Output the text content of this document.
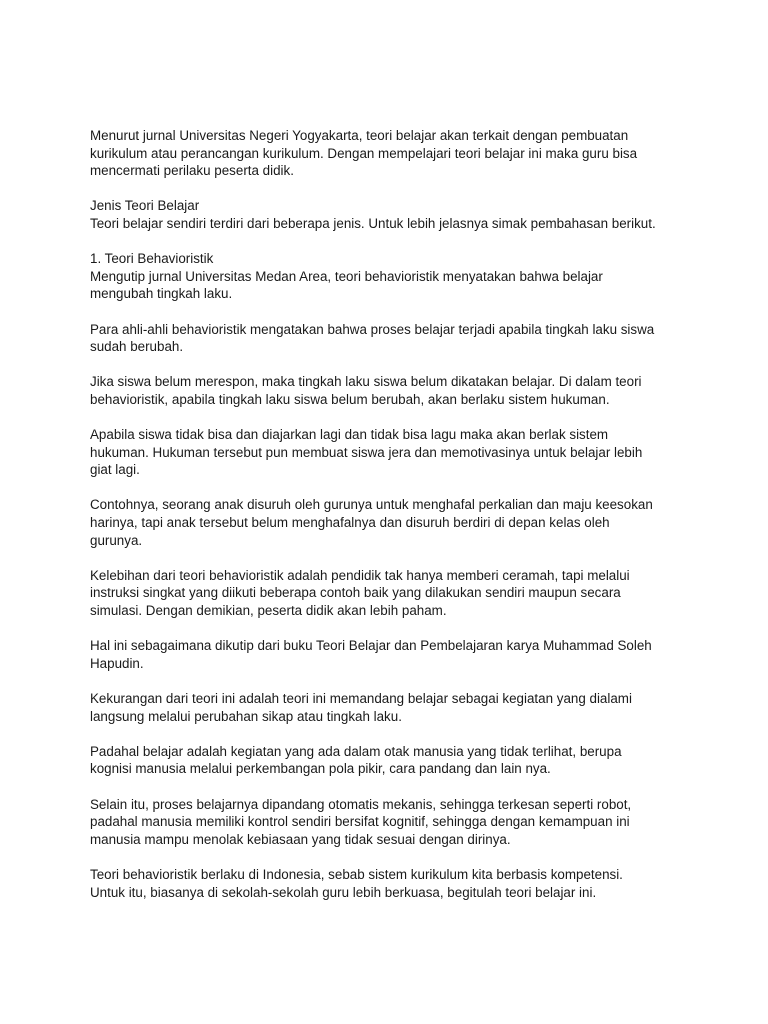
Menurut jurnal Universitas Negeri Yogyakarta, teori belajar akan terkait dengan pembuatan
kurikulum atau perancangan kurikulum. Dengan mempelajari teori belajar ini maka guru bisa
mencermati perilaku peserta didik.

Jenis Teori Belajar
Teori belajar sendiri terdiri dari beberapa jenis. Untuk lebih jelasnya simak pembahasan berikut.

1. Teori Behavioristik
Mengutip jurnal Universitas Medan Area, teori behavioristik menyatakan bahwa belajar
mengubah tingkah laku.

Para ahli-ahli behavioristik mengatakan bahwa proses belajar terjadi apabila tingkah laku siswa
sudah berubah.

Jika siswa belum merespon, maka tingkah laku siswa belum dikatakan belajar. Di dalam teori
behavioristik, apabila tingkah laku siswa belum berubah, akan berlaku sistem hukuman.

Apabila siswa tidak bisa dan diajarkan lagi dan tidak bisa lagu maka akan berlak sistem
hukuman. Hukuman tersebut pun membuat siswa jera dan memotivasinya untuk belajar lebih
giat lagi.

Contohnya, seorang anak disuruh oleh gurunya untuk menghafal perkalian dan maju keesokan
harinya, tapi anak tersebut belum menghafalnya dan disuruh berdiri di depan kelas oleh
gurunya.

Kelebihan dari teori behavioristik adalah pendidik tak hanya memberi ceramah, tapi melalui
instruksi singkat yang diikuti beberapa contoh baik yang dilakukan sendiri maupun secara
simulasi. Dengan demikian, peserta didik akan lebih paham.

Hal ini sebagaimana dikutip dari buku Teori Belajar dan Pembelajaran karya Muhammad Soleh
Hapudin.

Kekurangan dari teori ini adalah teori ini memandang belajar sebagai kegiatan yang dialami
langsung melalui perubahan sikap atau tingkah laku.

Padahal belajar adalah kegiatan yang ada dalam otak manusia yang tidak terlihat, berupa
kognisi manusia melalui perkembangan pola pikir, cara pandang dan lain nya.

Selain itu, proses belajarnya dipandang otomatis mekanis, sehingga terkesan seperti robot,
padahal manusia memiliki kontrol sendiri bersifat kognitif, sehingga dengan kemampuan ini
manusia mampu menolak kebiasaan yang tidak sesuai dengan dirinya.

Teori behavioristik berlaku di Indonesia, sebab sistem kurikulum kita berbasis kompetensi.
Untuk itu, biasanya di sekolah-sekolah guru lebih berkuasa, begitulah teori belajar ini.
